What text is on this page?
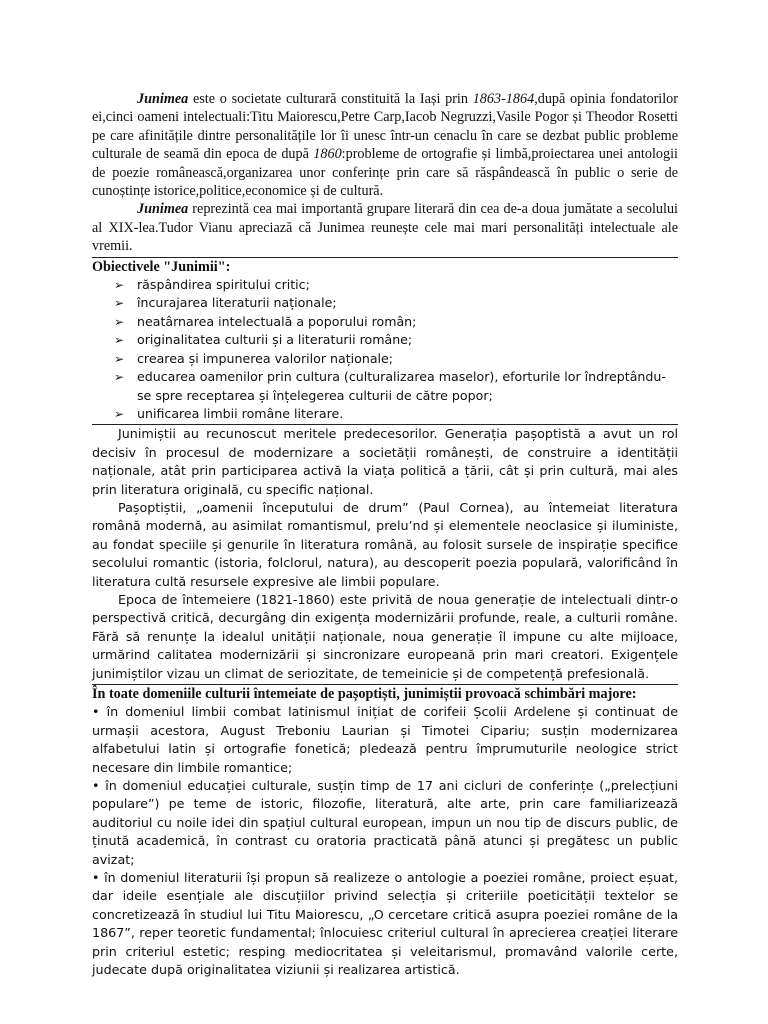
Junimea este o societate culturară constituită la Iași prin 1863-1864,după opinia fondatorilor ei,cinci oameni intelectuali:Titu Maiorescu,Petre Carp,Iacob Negruzzi,Vasile Pogor și Theodor Rosetti pe care afinitățile dintre personalitățile lor îi unesc într-un cenaclu în care se dezbat public probleme culturale de seamă din epoca de după 1860:probleme de ortografie și limbă,proiectarea unei antologii de poezie românească,organizarea unor conferințe prin care să răspândească în public o serie de cunoștințe istorice,politice,economice și de cultură.

Junimea reprezintă cea mai importantă grupare literară din cea de-a doua jumătate a secolului al XIX-lea.Tudor Vianu apreciază că Junimea reunește cele mai mari personalități intelectuale ale vremii.

Obiectivele "Junimii":

➢ răspândirea spiritului critic;
➢ încurajarea literaturii naționale;
➢ neatârnarea intelectuală a poporului român;
➢ originalitatea culturii și a literaturii române;
➢ crearea și impunerea valorilor naționale;
➢ educarea oamenilor prin cultura (culturalizarea maselor), eforturile lor îndreptându-se spre receptarea și înțelegerea culturii de către popor;
➢ unificarea limbii române literare.

Junimiștii au recunoscut meritele predecesorilor. Generația pașoptistă a avut un rol decisiv în procesul de modernizare a societății românești, de construire a identității naționale, atât prin participarea activă la viața politică a țării, cât și prin cultură, mai ales prin literatura originală, cu specific național.

Pașoptiștii, „oamenii începutului de drum” (Paul Cornea), au întemeiat literatura română modernă, au asimilat romantismul, prelu’nd și elementele neoclasice și iluministe, au fondat speciile și genurile în literatura română, au folosit sursele de inspirație specifice secolului romantic (istoria, folclorul, natura), au descoperit poezia populară, valorificând în literatura cultă resursele expresive ale limbii populare.

Epoca de întemeiere (1821-1860) este privită de noua generație de intelectuali dintr-o perspectivă critică, decurgâng din exigența modernizării profunde, reale, a culturii române. Fără să renunțe la idealul unității naționale, noua generație îl impune cu alte mijloace, urmărind calitatea modernizării și sincronizare europeană prin mari creatori. Exigențele junimiștilor vizau un climat de seriozitate, de temeinicie și de competență prefesională.

În toate domeniile culturii întemeiate de pașoptiști, junimiștii provoacă schimbări majore:

• în domeniul limbii combat latinismul inițiat de corifeii Școlii Ardelene și continuat de urmașii acestora, August Treboniu Laurian și Timotei Cipariu; susțin modernizarea alfabetului latin și ortografie fonetică; pledează pentru împrumuturile neologice strict necesare din limbile romantice;

• în domeniul educației culturale, susțin timp de 17 ani cicluri de conferințe („prelecțiuni populare”) pe teme de istoric, filozofie, literatură, alte arte, prin care familiarizează auditoriul cu noile idei din spațiul cultural european, impun un nou tip de discurs public, de ținută academică, în contrast cu oratoria practicată până atunci și pregătesc un public avizat;

• în domeniul literaturii își propun să realizeze o antologie a poeziei române, proiect eșuat, dar ideile esențiale ale discuțiilor privind selecția și criteriile poeticității textelor se concretizează în studiul lui Titu Maiorescu, „O cercetare critică asupra poeziei române de la 1867”, reper teoretic fundamental; înlocuiesc criteriul cultural în aprecierea creației literare prin criteriul estetic; resping mediocritatea și veleitarismul, promavând valorile certe, judecate după originalitatea viziunii și realizarea artistică.
